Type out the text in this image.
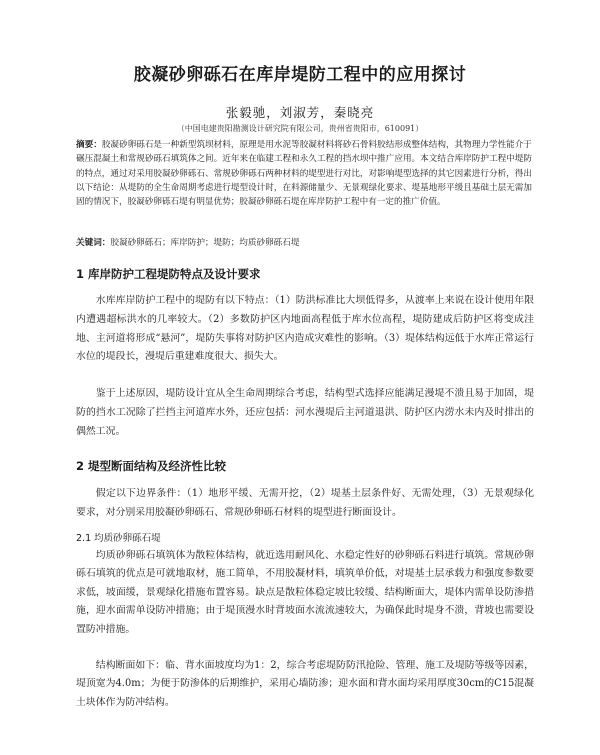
胶凝砂卵砾石在库岸堤防工程中的应用探讨
张毅驰，刘淑芳，秦晓亮
（中国电建贵阳勘测设计研究院有限公司，贵州省贵阳市，610091）
摘要：胶凝砂卵砾石是一种新型筑坝材料，原理是用水泥等胶凝材料将砂石骨料胶结形成整体结构，其物理力学性能介于碾压混凝土和常规砂砾石填筑体之间。近年来在临建工程和永久工程的挡水坝中推广应用。本文结合库岸防护工程中堤防的特点，通过对采用胶凝砂卵砾石、常规砂卵砾石两种材料的堤型进行对比，对影响堤型选择的其它因素进行分析，得出以下结论：从堤防的全生命周期考虑进行堤型设计时，在料源储量少、无景观绿化要求、堤基地形平缓且基础土层无需加固的情况下，胶凝砂卵砾石堤有明显优势；胶凝砂卵砾石堤在库岸防护工程中有一定的推广价值。
关键词：胶凝砂卵砾石；库岸防护；堤防；均质砂卵砾石堤
1 库岸防护工程堤防特点及设计要求
水库库岸防护工程中的堤防有以下特点：（1）防洪标准比大坝低得多，从渡率上来说在设计使用年限内遭遇超标洪水的几率较大。（2）多数防护区内地面高程低于库水位高程，堤防建成后防护区将变成洼地、主河道将形成“悬河”，堤防失事将对防护区内造成灾难性的影响。（3）堤体结构远低于水库正常运行水位的堤段长，漫堤后重建难度很大、损失大。
鉴于上述原因，堤防设计宜从全生命周期综合考虑，结构型式选择应能满足漫堤不溃且易于加固，堤防的挡水工况除了拦挡主河道库水外，还应包括：河水漫堤后主河道退洪、防护区内涝水未内及时排出的偶然工况。
2 堤型断面结构及经济性比较
假定以下边界条件：（1）地形平缓、无需开挖，（2）堤基土层条件好、无需处理，（3）无景观绿化要求，对分别采用胶凝砂卵砾石、常规砂卵砾石材料的堤型进行断面设计。
2.1 均质砂卵砾石堤
均质砂卵砾石填筑体为散粒体结构，就近选用耐风化、水稳定性好的砂卵砾石料进行填筑。常规砂卵砾石填筑的优点是可就地取材，施工简单，不用胶凝材料，填筑单价低，对堤基土层承载力和强度参数要求低，坡面缓，景观绿化措施布置容易。缺点是散粒体稳定坡比较缓、结构断面大，堤体内需单设防渗措施，迎水面需单设防冲措施；由于堤顶漫水时背坡面水流流速较大，为确保此时堤身不溃，背坡也需要设置防冲措施。
结构断面如下：临、背水面坡度均为1：2，综合考虑堤防防汛抢险、管理、施工及堤防等级等因素，堤顶宽为4.0m；为便于防渗体的后期维护，采用心墙防渗；迎水面和背水面均采用厚度30cm的C15混凝土块体作为防冲结构。
